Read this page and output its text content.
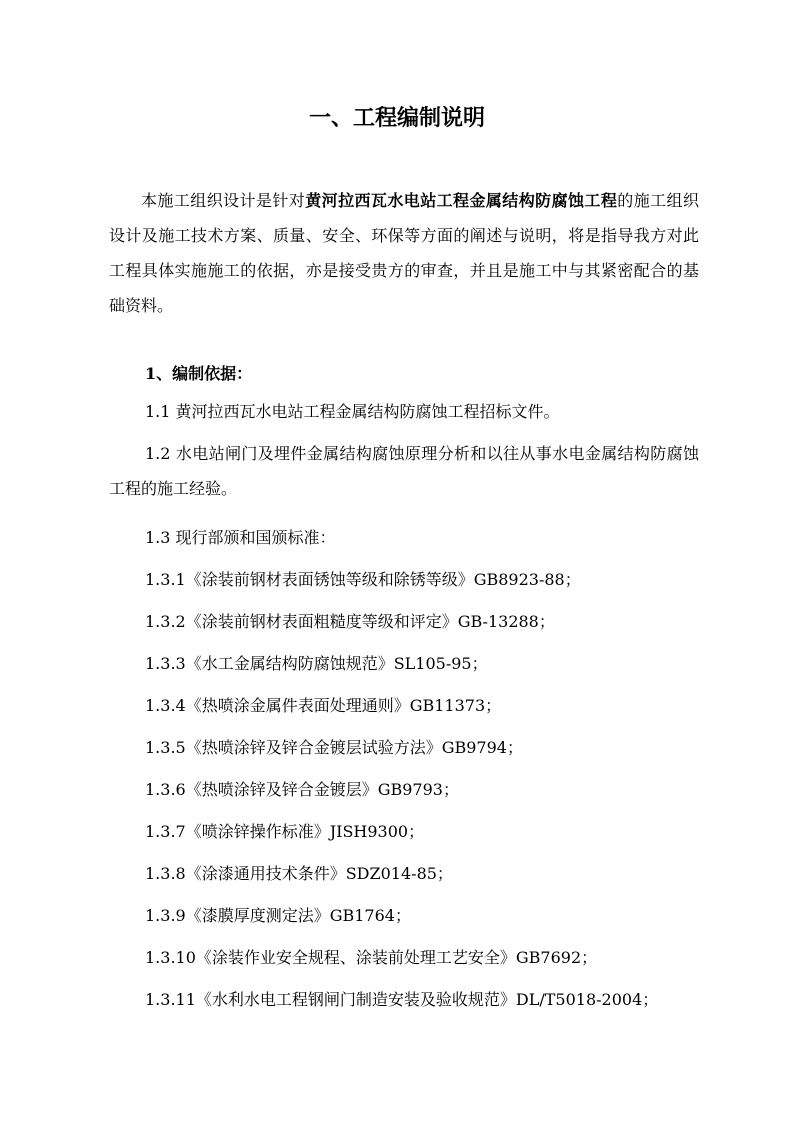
一、工程编制说明

本施工组织设计是针对黄河拉西瓦水电站工程金属结构防腐蚀工程的施工组织设计及施工技术方案、质量、安全、环保等方面的阐述与说明，将是指导我方对此工程具体实施施工的依据，亦是接受贵方的审查，并且是施工中与其紧密配合的基础资料。

1、编制依据：

1.1 黄河拉西瓦水电站工程金属结构防腐蚀工程招标文件。

1.2 水电站闸门及埋件金属结构腐蚀原理分析和以往从事水电金属结构防腐蚀工程的施工经验。

1.3 现行部颁和国颁标准：

1.3.1《涂装前钢材表面锈蚀等级和除锈等级》GB8923-88；

1.3.2《涂装前钢材表面粗糙度等级和评定》GB-13288；

1.3.3《水工金属结构防腐蚀规范》SL105-95；

1.3.4《热喷涂金属件表面处理通则》GB11373；

1.3.5《热喷涂锌及锌合金镀层试验方法》GB9794；

1.3.6《热喷涂锌及锌合金镀层》GB9793；

1.3.7《喷涂锌操作标准》JISH9300；

1.3.8《涂漆通用技术条件》SDZ014-85；

1.3.9《漆膜厚度测定法》GB1764；

1.3.10《涂装作业安全规程、涂装前处理工艺安全》GB7692；

1.3.11《水利水电工程钢闸门制造安装及验收规范》DL/T5018-2004；
